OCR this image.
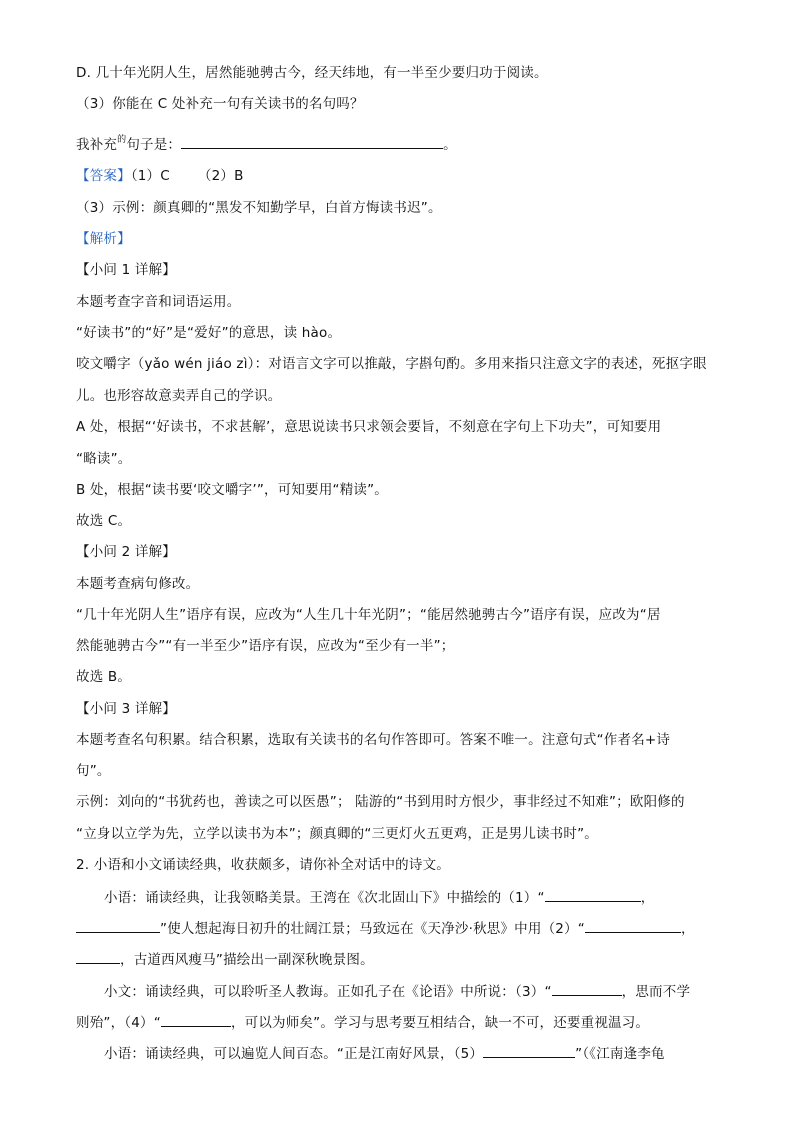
D. 几十年光阴人生，居然能驰骋古今，经天纬地，有一半至少要归功于阅读。
（3）你能在 C 处补充一句有关读书的名句吗？
我补充$^的$句子是：	。
【答案】（1）C （2）B
（3）示例：颜真卿的“黑发不知勤学早，白首方悔读书迟”。
【解析】
【小问 1 详解】
本题考查字音和词语运用。
“好读书”的“好”是“爱好”的意思，读 hào。
咬文嚼字（yǎo wén jiáo zì）：对语言文字可以推敲，字斟句酌。多用来指只注意文字的表述，死抠字眼
儿。也形容故意卖弄自己的学识。
A 处，根据“‘好读书，不求甚解’，意思说读书只求领会要旨，不刻意在字句上下功夫”，可知要用
“略读”。
B 处，根据“读书要‘咬文嚼字’”，可知要用“精读”。
故选 C。
【小问 2 详解】
本题考查病句修改。
“几十年光阴人生”语序有误，应改为“人生几十年光阴”；“能居然驰骋古今”语序有误，应改为“居
然能驰骋古今”“有一半至少”语序有误，应改为“至少有一半”；
故选 B。
【小问 3 详解】
本题考查名句积累。结合积累，选取有关读书的名句作答即可。答案不唯一。注意句式“作者名+诗
句”。
示例：刘向的“书犹药也，善读之可以医愚”； 陆游的“书到用时方恨少，事非经过不知难”；欧阳修的
“立身以立学为先，立学以读书为本”；颜真卿的“三更灯火五更鸡，正是男儿读书时”。
2. 小语和小文诵读经典，收获颇多，请你补全对话中的诗文。
小语：诵读经典，让我领略美景。王湾在《次北固山下》中描绘的（1）“	，
”使人想起海日初升的壮阔江景；马致远在《天净沙·秋思》中用（2）“	，
，古道西风瘦马”描绘出一副深秋晚景图。
小文：诵读经典，可以聆听圣人教诲。正如孔子在《论语》中所说：（3）“	，思而不学
则殆”，（4）“	，可以为师矣”。学习与思考要互相结合，缺一不可，还要重视温习。
小语：诵读经典，可以遍览人间百态。“正是江南好风景，（5）	”（《江南逢李龟
